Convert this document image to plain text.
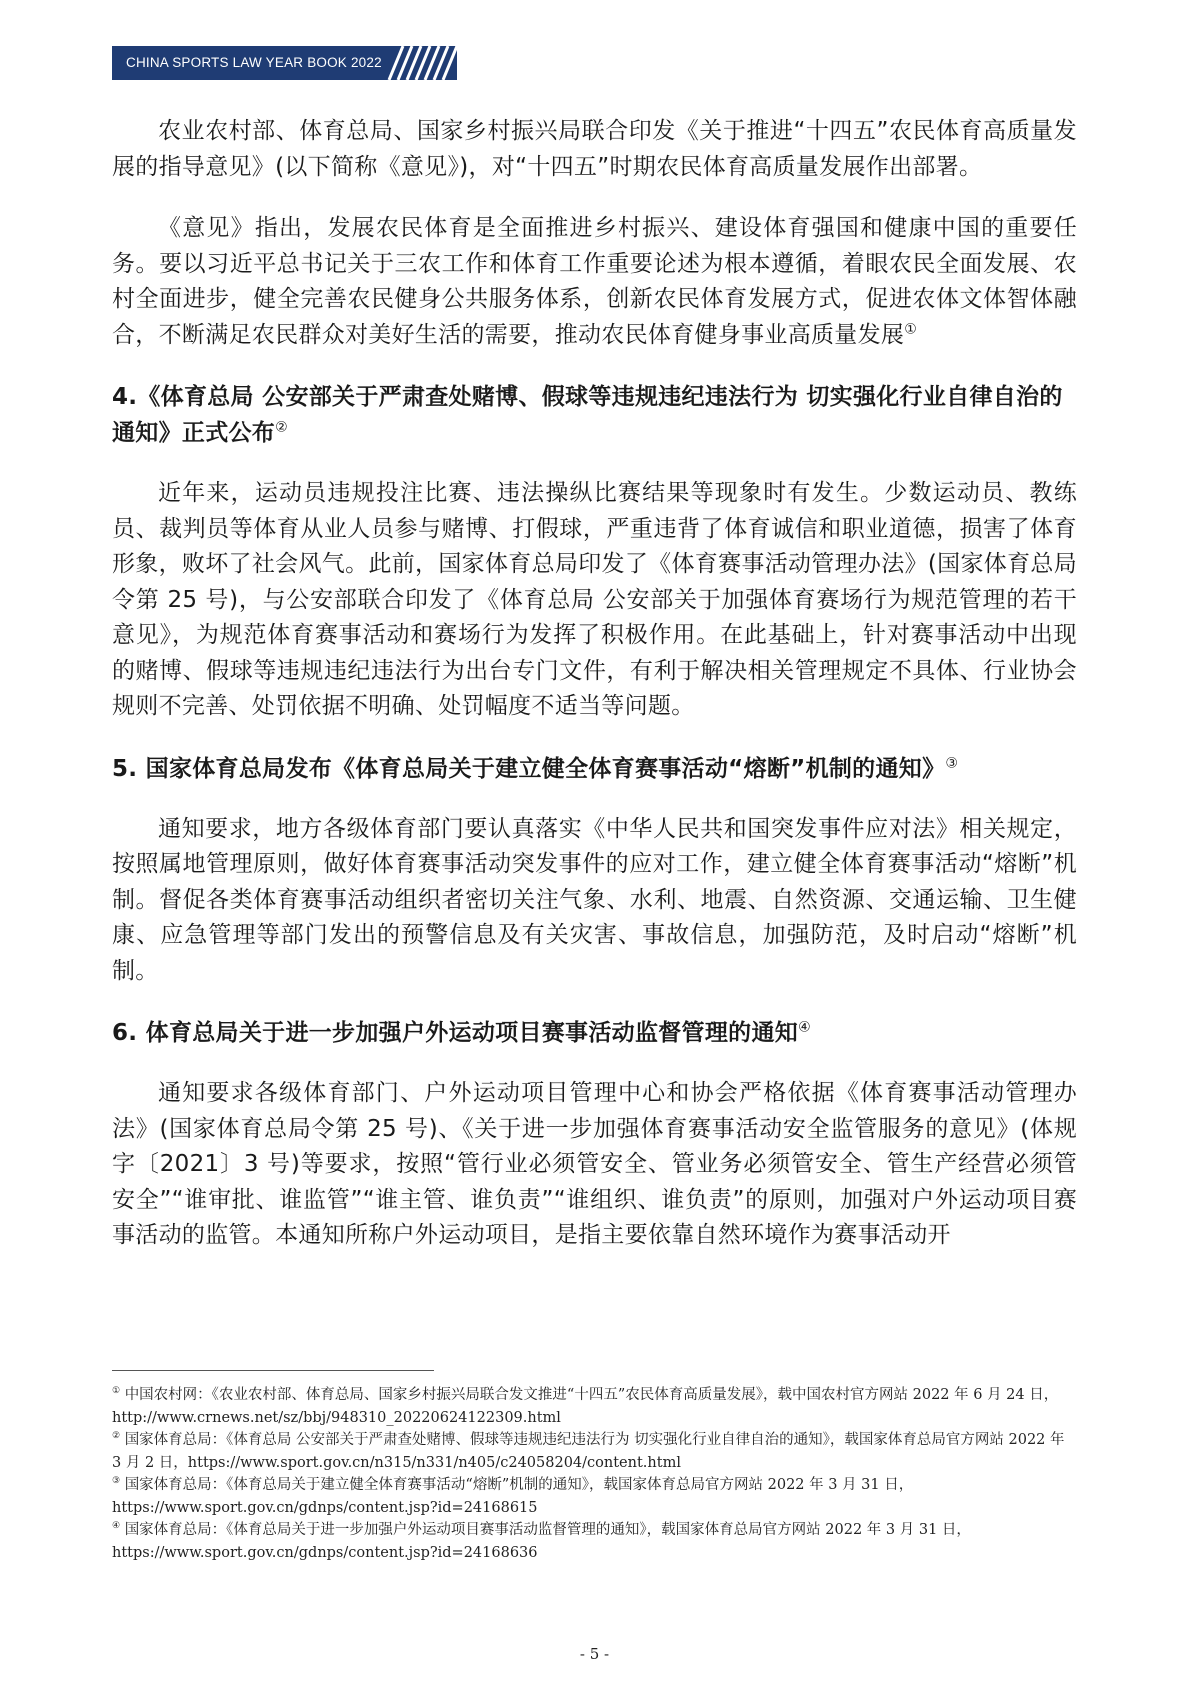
CHINA SPORTS LAW YEAR BOOK 2022

农业农村部、体育总局、国家乡村振兴局联合印发《关于推进“十四五”农民体育高质量发展的指导意见》(以下简称《意见》)，对“十四五”时期农民体育高质量发展作出部署。

《意见》指出，发展农民体育是全面推进乡村振兴、建设体育强国和健康中国的重要任务。要以习近平总书记关于三农工作和体育工作重要论述为根本遵循，着眼农民全面发展、农村全面进步，健全完善农民健身公共服务体系，创新农民体育发展方式，促进农体文体智体融合，不断满足农民群众对美好生活的需要，推动农民体育健身事业高质量发展①

4.《体育总局 公安部关于严肃查处赌博、假球等违规违纪违法行为 切实强化行业自律自治的通知》正式公布②

近年来，运动员违规投注比赛、违法操纵比赛结果等现象时有发生。少数运动员、教练员、裁判员等体育从业人员参与赌博、打假球，严重违背了体育诚信和职业道德，损害了体育形象，败坏了社会风气。此前，国家体育总局印发了《体育赛事活动管理办法》(国家体育总局令第 25 号)，与公安部联合印发了《体育总局 公安部关于加强体育赛场行为规范管理的若干意见》，为规范体育赛事活动和赛场行为发挥了积极作用。在此基础上，针对赛事活动中出现的赌博、假球等违规违纪违法行为出台专门文件，有利于解决相关管理规定不具体、行业协会规则不完善、处罚依据不明确、处罚幅度不适当等问题。

5. 国家体育总局发布《体育总局关于建立健全体育赛事活动“熔断”机制的通知》③

通知要求，地方各级体育部门要认真落实《中华人民共和国突发事件应对法》相关规定，按照属地管理原则，做好体育赛事活动突发事件的应对工作，建立健全体育赛事活动“熔断”机制。督促各类体育赛事活动组织者密切关注气象、水利、地震、自然资源、交通运输、卫生健康、应急管理等部门发出的预警信息及有关灾害、事故信息，加强防范，及时启动“熔断”机制。

6. 体育总局关于进一步加强户外运动项目赛事活动监督管理的通知④

通知要求各级体育部门、户外运动项目管理中心和协会严格依据《体育赛事活动管理办法》(国家体育总局令第 25 号)、《关于进一步加强体育赛事活动安全监管服务的意见》(体规字〔2021〕3 号)等要求，按照“管行业必须管安全、管业务必须管安全、管生产经营必须管安全”“谁审批、谁监管”“谁主管、谁负责”“谁组织、谁负责”的原则，加强对户外运动项目赛事活动的监管。本通知所称户外运动项目，是指主要依靠自然环境作为赛事活动开

① 中国农村网：《农业农村部、体育总局、国家乡村振兴局联合发文推进“十四五”农民体育高质量发展》，载中国农村官方网站 2022 年 6 月 24 日，http://www.crnews.net/sz/bbj/948310_20220624122309.html

② 国家体育总局：《体育总局 公安部关于严肃查处赌博、假球等违规违纪违法行为 切实强化行业自律自治的通知》，载国家体育总局官方网站 2022 年 3 月 2 日，https://www.sport.gov.cn/n315/n331/n405/c24058204/content.html

③ 国家体育总局：《体育总局关于建立健全体育赛事活动“熔断”机制的通知》，载国家体育总局官方网站 2022 年 3 月 31 日，https://www.sport.gov.cn/gdnps/content.jsp?id=24168615

④ 国家体育总局：《体育总局关于进一步加强户外运动项目赛事活动监督管理的通知》，载国家体育总局官方网站 2022 年 3 月 31 日，https://www.sport.gov.cn/gdnps/content.jsp?id=24168636

- 5 -
